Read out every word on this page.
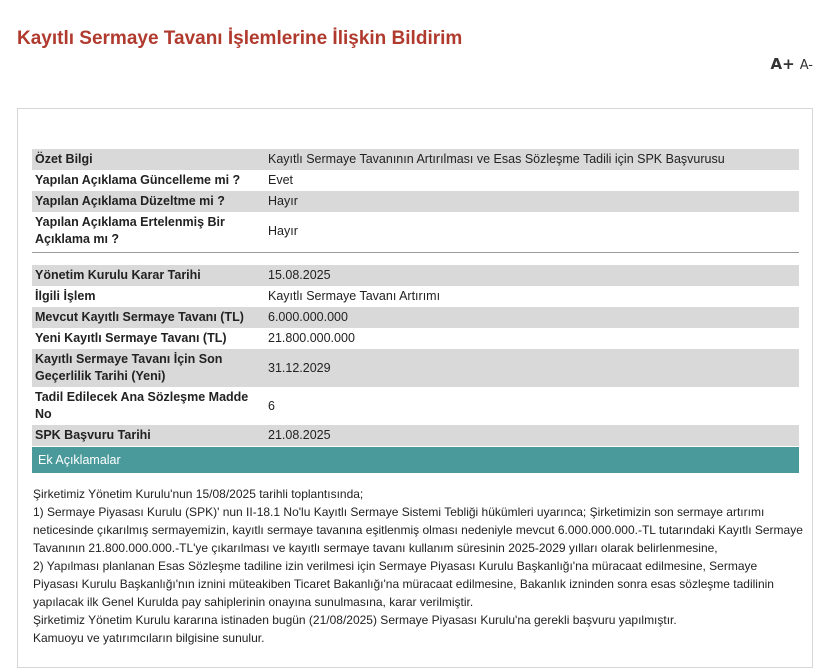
Kayıtlı Sermaye Tavanı İşlemlerine İlişkin Bildirim
A+ A-
Özet Bilgi	Kayıtlı Sermaye Tavanının Artırılması ve Esas Sözleşme Tadili için SPK Başvurusu
Yapılan Açıklama Güncelleme mi ?	Evet
Yapılan Açıklama Düzeltme mi ?	Hayır
Yapılan Açıklama Ertelenmiş Bir Açıklama mı ?	Hayır
Yönetim Kurulu Karar Tarihi	15.08.2025
İlgili İşlem	Kayıtlı Sermaye Tavanı Artırımı
Mevcut Kayıtlı Sermaye Tavanı (TL)	6.000.000.000
Yeni Kayıtlı Sermaye Tavanı (TL)	21.800.000.000
Kayıtlı Sermaye Tavanı İçin Son Geçerlilik Tarihi (Yeni)	31.12.2029
Tadil Edilecek Ana Sözleşme Madde No	6
SPK Başvuru Tarihi	21.08.2025
Ek Açıklamalar

Şirketimiz Yönetim Kurulu'nun 15/08/2025 tarihli toplantısında;

1) Sermaye Piyasası Kurulu (SPK)' nun II-18.1 No'lu Kayıtlı Sermaye Sistemi Tebliği hükümleri uyarınca; Şirketimizin son sermaye artırımı neticesinde çıkarılmış sermayemizin, kayıtlı sermaye tavanına eşitlenmiş olması nedeniyle mevcut 6.000.000.000.-TL tutarındaki Kayıtlı Sermaye Tavanının 21.800.000.000.-TL'ye çıkarılması ve kayıtlı sermaye tavanı kullanım süresinin 2025-2029 yılları olarak belirlenmesine,

2) Yapılması planlanan Esas Sözleşme tadiline izin verilmesi için Sermaye Piyasası Kurulu Başkanlığı'na müracaat edilmesine, Sermaye Piyasası Kurulu Başkanlığı'nın iznini müteakiben Ticaret Bakanlığı'na müracaat edilmesine, Bakanlık izninden sonra esas sözleşme tadilinin yapılacak ilk Genel Kurulda pay sahiplerinin onayına sunulmasına, karar verilmiştir.

Şirketimiz Yönetim Kurulu kararına istinaden bugün (21/08/2025) Sermaye Piyasası Kurulu'na gerekli başvuru yapılmıştır.

Kamuoyu ve yatırımcıların bilgisine sunulur.
